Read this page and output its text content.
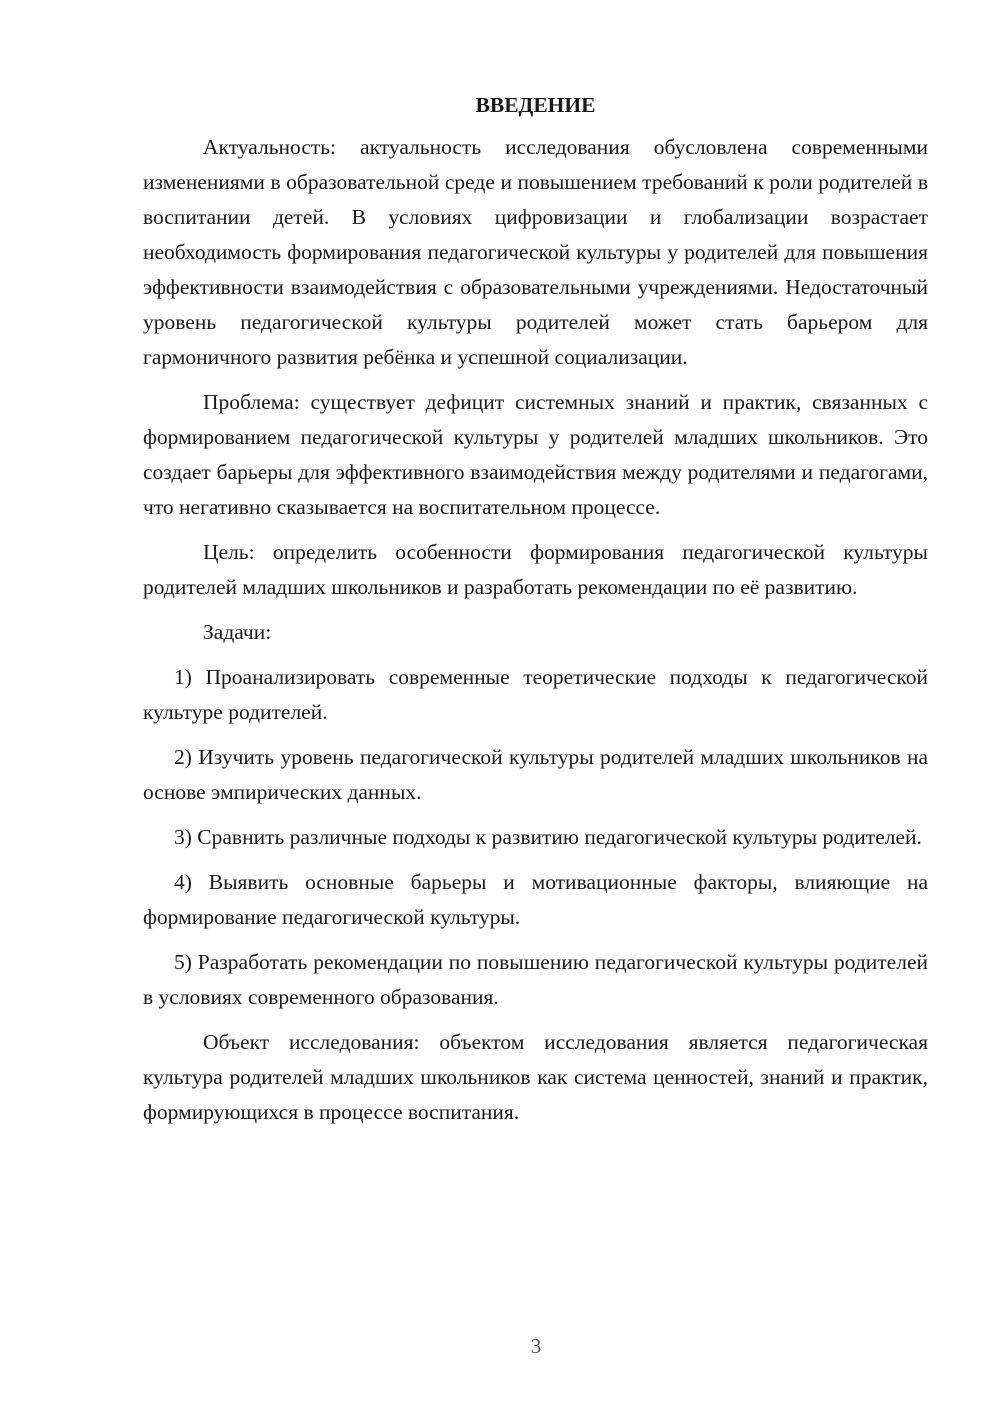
ВВЕДЕНИЕ

Актуальность: актуальность исследования обусловлена современными изменениями в образовательной среде и повышением требований к роли родителей в воспитании детей. В условиях цифровизации и глобализации возрастает необходимость формирования педагогической культуры у родителей для повышения эффективности взаимодействия с образовательными учреждениями. Недостаточный уровень педагогической культуры родителей может стать барьером для гармоничного развития ребёнка и успешной социализации.

Проблема: существует дефицит системных знаний и практик, связанных с формированием педагогической культуры у родителей младших школьников. Это создает барьеры для эффективного взаимодействия между родителями и педагогами, что негативно сказывается на воспитательном процессе.

Цель: определить особенности формирования педагогической культуры родителей младших школьников и разработать рекомендации по её развитию.

Задачи:

1) Проанализировать современные теоретические подходы к педагогической культуре родителей.

2) Изучить уровень педагогической культуры родителей младших школьников на основе эмпирических данных.

3) Сравнить различные подходы к развитию педагогической культуры родителей.

4) Выявить основные барьеры и мотивационные факторы, влияющие на формирование педагогической культуры.

5) Разработать рекомендации по повышению педагогической культуры родителей в условиях современного образования.

Объект исследования: объектом исследования является педагогическая культура родителей младших школьников как система ценностей, знаний и практик, формирующихся в процессе воспитания.

3
